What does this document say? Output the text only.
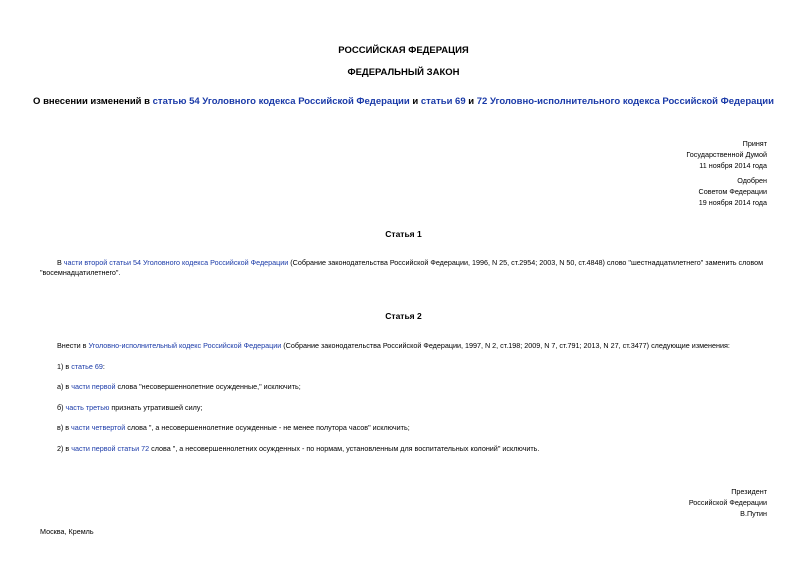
РОССИЙСКАЯ ФЕДЕРАЦИЯ
ФЕДЕРАЛЬНЫЙ ЗАКОН
О внесении изменений в статью 54 Уголовного кодекса Российской Федерации и статьи 69 и 72 Уголовно-исполнительного кодекса Российской Федерации
Принят
Государственной Думой
11 ноября 2014 года
Одобрен
Советом Федерации
19 ноября 2014 года
Статья 1
В части второй статьи 54 Уголовного кодекса Российской Федерации (Собрание законодательства Российской Федерации, 1996, N 25, ст.2954; 2003, N 50, ст.4848) слово "шестнадцатилетнего" заменить словом "восемнадцатилетнего".
Статья 2
Внести в Уголовно-исполнительный кодекс Российской Федерации (Собрание законодательства Российской Федерации, 1997, N 2, ст.198; 2009, N 7, ст.791; 2013, N 27, ст.3477) следующие изменения:
1) в статье 69:
а) в части первой слова "несовершеннолетние осужденные," исключить;
б) часть третью признать утратившей силу;
в) в части четвертой слова ", а несовершеннолетние осужденные - не менее полутора часов" исключить;
2) в части первой статьи 72 слова ", а несовершеннолетних осужденных - по нормам, установленным для воспитательных колоний" исключить.
Президент
Российской Федерации
В.Путин
Москва, Кремль
